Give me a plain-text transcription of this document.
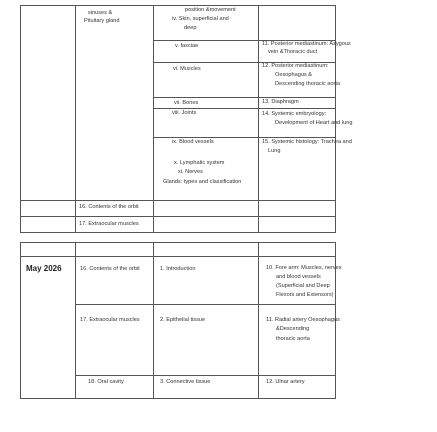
sinuses &
Pituitary gland
position &movement
iv. Skin, superficial and
deep
v. fasciae
vi. Muscles
vii. Bones
viii. Joints
ix. Blood vessels
x. Lymphatic system
xi. Nerves
Glands: types and classification
11. Posterior mediastinum: Azygous
vein &Thoracic duct
12. Posterior mediastinum:
Oesophagus &
Descending thoracic aorta
13. Diaphragm
14. Systemic embryology:
Development of Heart and lung
15. Systemic histology: Trachea and
Lung
16. Contents of the orbit
17. Extraocular muscles
May 2026	16. Contents of the orbit
17. Extraocular muscles
18. Oral cavity
1. Introduction
2. Epithelial tissue
3. Connective tissue
10. Fore arm: Muscles, nerves
and blood vessels
(Superficial and Deep
Flexors and Extensors)
11. Radial artery Oesophagus
&Descending
thoracic aorta
12. Ulnar artery
